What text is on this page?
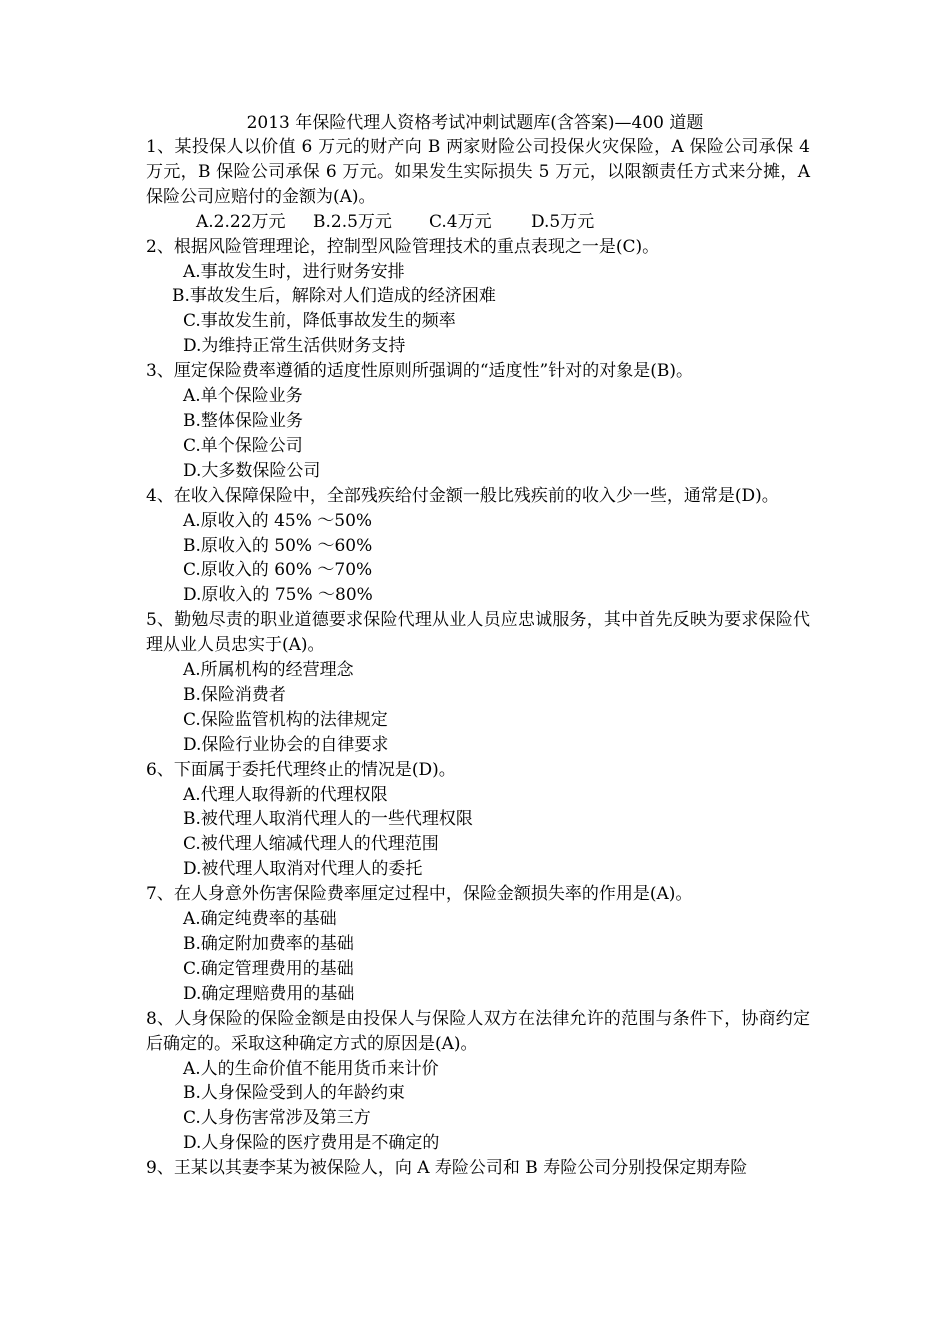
2013 年保险代理人资格考试冲刺试题库(含答案)—400 道题
1、某投保人以价值 6 万元的财产向 B 两家财险公司投保火灾保险，A 保险公司承保 4 万元，B 保险公司承保 6 万元。如果发生实际损失 5 万元，以限额责任方式来分摊，A 保险公司应赔付的金额为(A)。
A.2.22万元 B.2.5万元 C.4万元 D.5万元
2、根据风险管理理论，控制型风险管理技术的重点表现之一是(C)。
A.事故发生时，进行财务安排
B.事故发生后，解除对人们造成的经济困难
C.事故发生前，降低事故发生的频率
D.为维持正常生活供财务支持
3、厘定保险费率遵循的适度性原则所强调的“适度性”针对的对象是(B)。
A.单个保险业务
B.整体保险业务
C.单个保险公司
D.大多数保险公司
4、在收入保障保险中，全部残疾给付金额一般比残疾前的收入少一些，通常是(D)。
A.原收入的 45% ～50%
B.原收入的 50% ～60%
C.原收入的 60% ～70%
D.原收入的 75% ～80%
5、勤勉尽责的职业道德要求保险代理从业人员应忠诚服务，其中首先反映为要求保险代理从业人员忠实于(A)。
A.所属机构的经营理念
B.保险消费者
C.保险监管机构的法律规定
D.保险行业协会的自律要求
6、下面属于委托代理终止的情况是(D)。
A.代理人取得新的代理权限
B.被代理人取消代理人的一些代理权限
C.被代理人缩减代理人的代理范围
D.被代理人取消对代理人的委托
7、在人身意外伤害保险费率厘定过程中，保险金额损失率的作用是(A)。
A.确定纯费率的基础
B.确定附加费率的基础
C.确定管理费用的基础
D.确定理赔费用的基础
8、人身保险的保险金额是由投保人与保险人双方在法律允许的范围与条件下，协商约定后确定的。采取这种确定方式的原因是(A)。
A.人的生命价值不能用货币来计价
B.人身保险受到人的年龄约束
C.人身伤害常涉及第三方
D.人身保险的医疗费用是不确定的
9、王某以其妻李某为被保险人，向 A 寿险公司和 B 寿险公司分别投保定期寿险
